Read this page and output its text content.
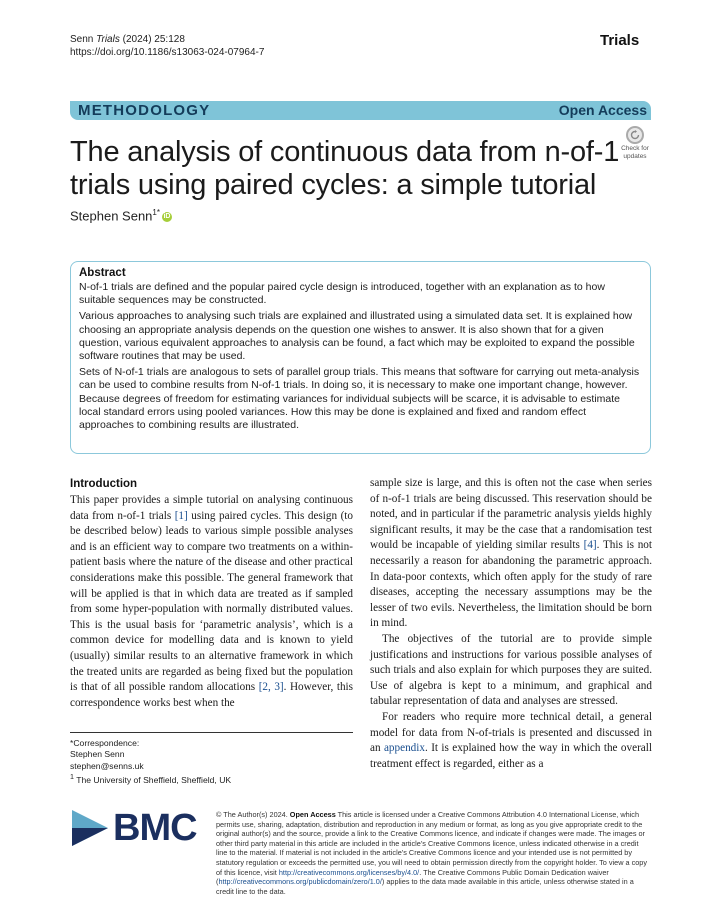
Senn Trials (2024) 25:128
https://doi.org/10.1186/s13063-024-07964-7
Trials
METHODOLOGY	Open Access
Check for
updates
The analysis of continuous data from n-of-1 trials using paired cycles: a simple tutorial
Stephen Senn$^{1*}$ iD
Abstract

N-of-1 trials are defined and the popular paired cycle design is introduced, together with an explanation as to how suitable sequences may be constructed.

Various approaches to analysing such trials are explained and illustrated using a simulated data set. It is explained how choosing an appropriate analysis depends on the question one wishes to answer. It is also shown that for a given question, various equivalent approaches to analysis can be found, a fact which may be exploited to expand the possible software routines that may be used.

Sets of N-of-1 trials are analogous to sets of parallel group trials. This means that software for carrying out meta-analysis can be used to combine results from N-of-1 trials. In doing so, it is necessary to make one important change, however. Because degrees of freedom for estimating variances for individual subjects will be scarce, it is advisable to estimate local standard errors using pooled variances. How this may be done is explained and fixed and random effect approaches to combining results are illustrated.

Introduction

This paper provides a simple tutorial on analysing continuous data from n-of-1 trials [1] using paired cycles. This design (to be described below) leads to various simple possible analyses and is an efficient way to compare two treatments on a within-patient basis where the nature of the disease and other practical considerations make this possible. The general framework that will be applied is that in which data are treated as if sampled from some hyper-population with normally distributed values. This is the usual basis for ‘parametric analysis’, which is a common device for modelling data and is known to yield (usually) similar results to an alternative framework in which the treated units are regarded as being fixed but the population is that of all possible random allocations [2, 3]. However, this correspondence works best when the

sample size is large, and this is often not the case when series of n-of-1 trials are being discussed. This reservation should be noted, and in particular if the parametric analysis yields highly significant results, it may be the case that a randomisation test would be incapable of yielding similar results [4]. This is not necessarily a reason for abandoning the parametric approach. In data-poor contexts, which often apply for the study of rare diseases, accepting the necessary assumptions may be the lesser of two evils. Nevertheless, the limitation should be born in mind.

The objectives of the tutorial are to provide simple justifications and instructions for various possible analyses of such trials and also explain for which purposes they are suited. Use of algebra is kept to a minimum, and graphical and tabular representation of data and analyses are stressed.

For readers who require more technical detail, a general model for data from N-of-trials is presented and discussed in an appendix. It is explained how the way in which the overall treatment effect is regarded, either as a

*Correspondence:
Stephen Senn
stephen@senns.uk
$^1$ The University of Sheffield, Sheffield, UK
BMC	© The Author(s) 2024. Open Access This article is licensed under a Creative Commons Attribution 4.0 International License, which permits use, sharing, adaptation, distribution and reproduction in any medium or format, as long as you give appropriate credit to the original author(s) and the source, provide a link to the Creative Commons licence, and indicate if changes were made. The images or other third party material in this article are included in the article’s Creative Commons licence, unless indicated otherwise in a credit line to the material. If material is not included in the article’s Creative Commons licence and your intended use is not permitted by statutory regulation or exceeds the permitted use, you will need to obtain permission directly from the copyright holder. To view a copy of this licence, visit http://creativecommons.org/licenses/by/4.0/. The Creative Commons Public Domain Dedication waiver (http://creativecommons.org/publicdomain/zero/1.0/) applies to the data made available in this article, unless otherwise stated in a credit line to the data.
